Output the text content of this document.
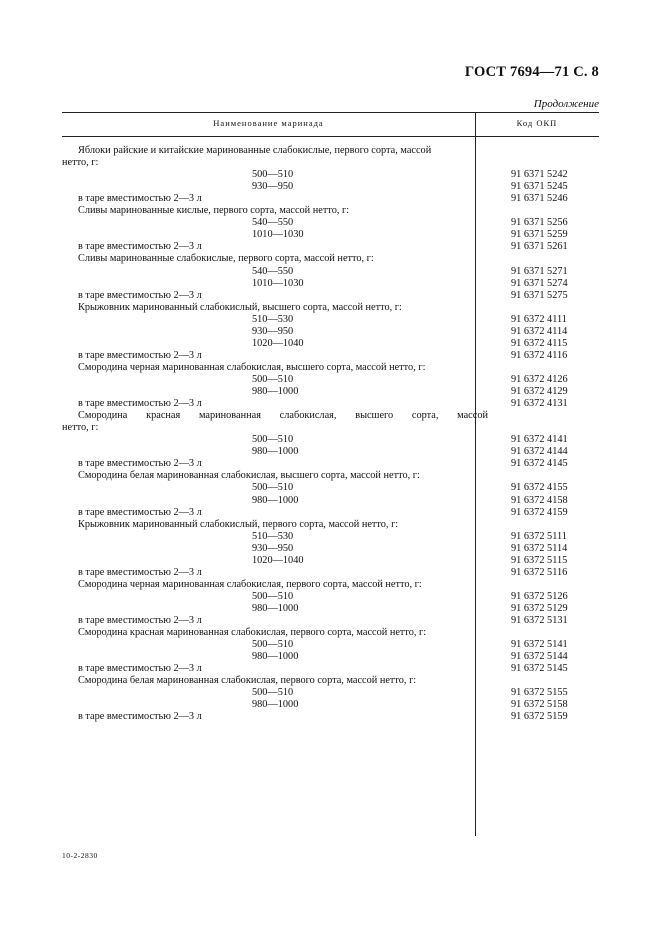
ГОСТ 7694—71 С. 8
Продолжение
Наименование маринада	Код ОКП
Яблоки райские и китайские маринованные слабокислые, первого сорта, массой
нетто, г:
500—510	91 6371 5242
930—950	91 6371 5245
в таре вместимостью 2—3 л	91 6371 5246
Сливы маринованные кислые, первого сорта, массой нетто, г:
540—550	91 6371 5256
1010—1030	91 6371 5259
в таре вместимостью 2—3 л	91 6371 5261
Сливы маринованные слабокислые, первого сорта, массой нетто, г:
540—550	91 6371 5271
1010—1030	91 6371 5274
в таре вместимостью 2—3 л	91 6371 5275
Крыжовник маринованный слабокислый, высшего сорта, массой нетто, г:
510—530	91 6372 4111
930—950	91 6372 4114
1020—1040	91 6372 4115
в таре вместимостью 2—3 л	91 6372 4116
Смородина черная маринованная слабокислая, высшего сорта, массой нетто, г:
500—510	91 6372 4126
980—1000	91 6372 4129
в таре вместимостью 2—3 л	91 6372 4131
Смородина красная маринованная слабокислая, высшего сорта, массой
нетто, г:
500—510	91 6372 4141
980—1000	91 6372 4144
в таре вместимостью 2—3 л	91 6372 4145
Смородина белая маринованная слабокислая, высшего сорта, массой нетто, г:
500—510	91 6372 4155
980—1000	91 6372 4158
в таре вместимостью 2—3 л	91 6372 4159
Крыжовник маринованный слабокислый, первого сорта, массой нетто, г:
510—530	91 6372 5111
930—950	91 6372 5114
1020—1040	91 6372 5115
в таре вместимостью 2—3 л	91 6372 5116
Смородина черная маринованная слабокислая, первого сорта, массой нетто, г:
500—510	91 6372 5126
980—1000	91 6372 5129
в таре вместимостью 2—3 л	91 6372 5131
Смородина красная маринованная слабокислая, первого сорта, массой нетто, г:
500—510	91 6372 5141
980—1000	91 6372 5144
в таре вместимостью 2—3 л	91 6372 5145
Смородина белая маринованная слабокислая, первого сорта, массой нетто, г:
500—510	91 6372 5155
980—1000	91 6372 5158
в таре вместимостью 2—3 л	91 6372 5159
10-2-2830
